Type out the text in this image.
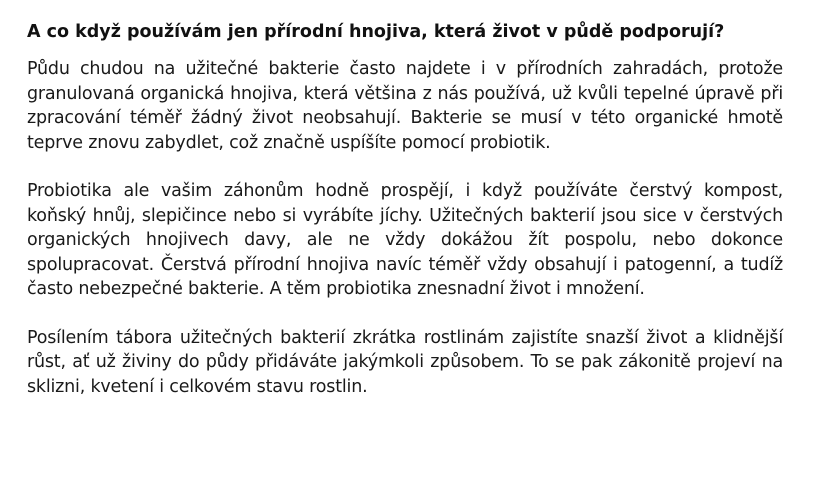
A co když používám jen přírodní hnojiva, která život v půdě podporují?

Půdu chudou na užitečné bakterie často najdete i v přírodních zahradách, protože granulovaná organická hnojiva, která většina z nás používá, už kvůli tepelné úpravě při zpracování téměř žádný život neobsahují. Bakterie se musí v této organické hmotě teprve znovu zabydlet, což značně uspíšíte pomocí probiotik.

Probiotika ale vašim záhonům hodně prospějí, i když používáte čerstvý kompost, koňský hnůj, slepičince nebo si vyrábíte jíchy. Užitečných bakterií jsou sice v čerstvých organických hnojivech davy, ale ne vždy dokážou žít pospolu, nebo dokonce spolupracovat. Čerstvá přírodní hnojiva navíc téměř vždy obsahují i patogenní, a tudíž často nebezpečné bakterie. A těm probiotika znesnadní život i množení.

Posílením tábora užitečných bakterií zkrátka rostlinám zajistíte snazší život a klidnější růst, ať už živiny do půdy přidáváte jakýmkoli způsobem. To se pak zákonitě projeví na sklizni, kvetení i celkovém stavu rostlin.
